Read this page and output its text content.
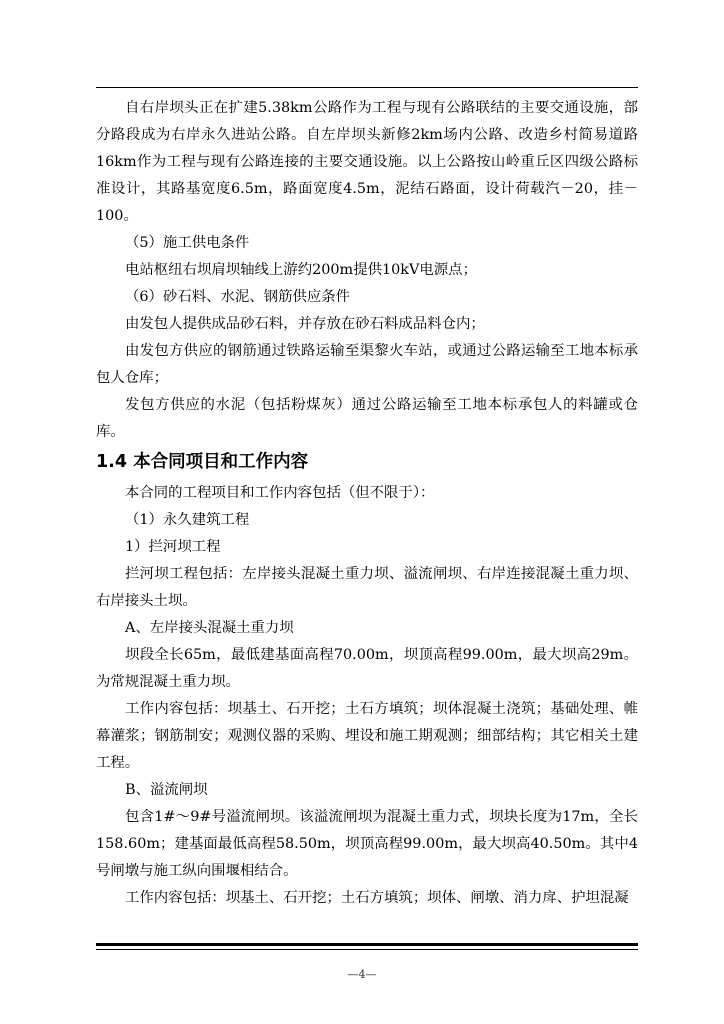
自右岸坝头正在扩建5.38km公路作为工程与现有公路联结的主要交通设施，部分路段成为右岸永久进站公路。自左岸坝头新修2km场内公路、改造乡村简易道路16km作为工程与现有公路连接的主要交通设施。以上公路按山岭重丘区四级公路标准设计，其路基宽度6.5m，路面宽度4.5m，泥结石路面，设计荷载汽－20，挂－100。

（5）施工供电条件

电站枢纽右坝肩坝轴线上游约200m提供10kV电源点；

（6）砂石料、水泥、钢筋供应条件

由发包人提供成品砂石料，并存放在砂石料成品料仓内；

由发包方供应的钢筋通过铁路运输至渠黎火车站，或通过公路运输至工地本标承包人仓库；

发包方供应的水泥（包括粉煤灰）通过公路运输至工地本标承包人的料罐或仓库。

1.4 本合同项目和工作内容

本合同的工程项目和工作内容包括（但不限于）：

（1）永久建筑工程

1）拦河坝工程

拦河坝工程包括：左岸接头混凝土重力坝、溢流闸坝、右岸连接混凝土重力坝、右岸接头土坝。

A、左岸接头混凝土重力坝

坝段全长65m，最低建基面高程70.00m，坝顶高程99.00m，最大坝高29m。为常规混凝土重力坝。

工作内容包括：坝基土、石开挖；土石方填筑；坝体混凝土浇筑；基础处理、帷幕灌浆；钢筋制安；观测仪器的采购、埋设和施工期观测；细部结构；其它相关土建工程。

B、溢流闸坝

包含1#～9#号溢流闸坝。该溢流闸坝为混凝土重力式，坝块长度为17m，全长158.60m；建基面最低高程58.50m，坝顶高程99.00m，最大坝高40.50m。其中4号闸墩与施工纵向围堰相结合。

工作内容包括：坝基土、石开挖；土石方填筑；坝体、闸墩、消力戽、护坦混凝

—4—
